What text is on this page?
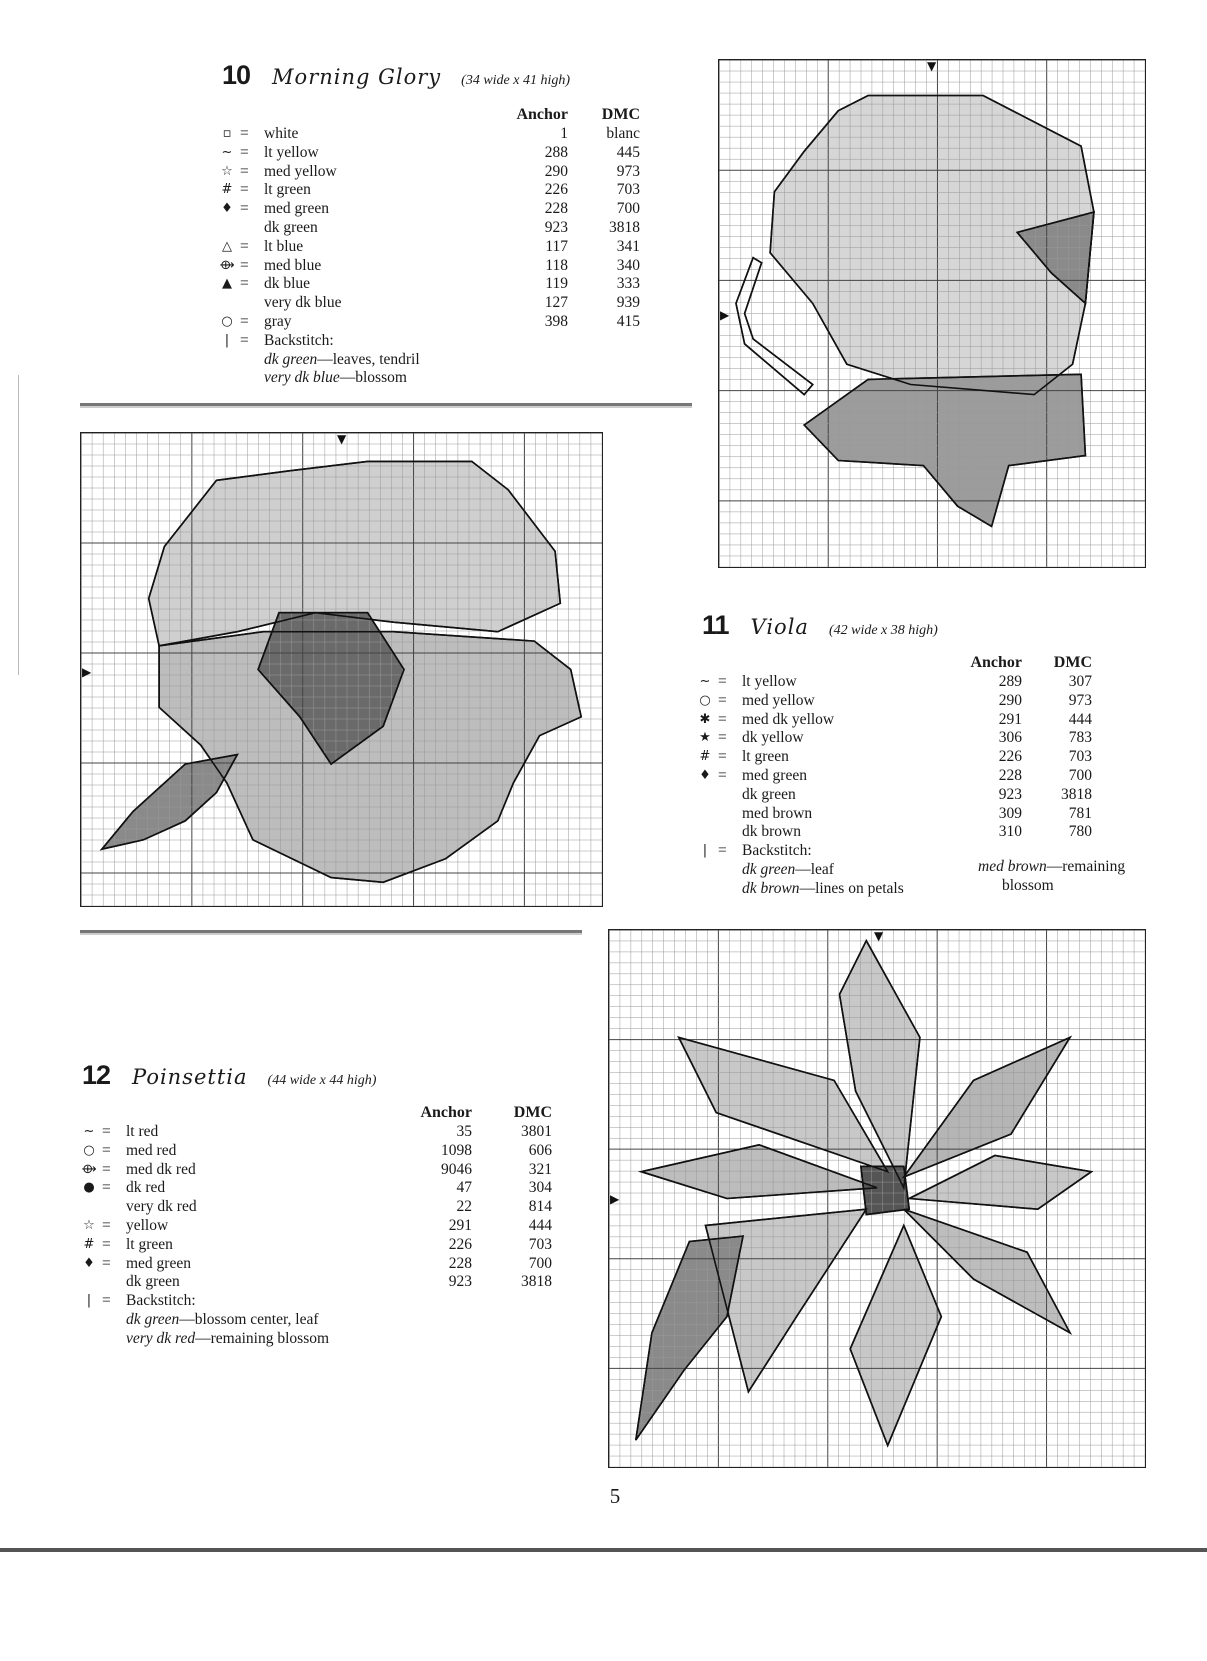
10 Morning Glory (34 wide x 41 high)
Anchor	DMC
▫ = white	1	blanc
~ = lt yellow	288	445
☆ = med yellow	290	973
# = lt green	226	703
♦ = med green	228	700
dk green	923	3818
△ = lt blue	117	341
⟴ = med blue	118	340
▲ = dk blue	119	333
very dk blue	127	939
○ = gray	398	415
| = Backstitch:
dk green—leaves, tendril
very dk blue—blossom
▼
▶
▼
▶
11 Viola (42 wide x 38 high)
Anchor	DMC
~ = lt yellow	289	307
○ = med yellow	290	973
✱ = med dk yellow	291	444
★ = dk yellow	306	783
# = lt green	226	703
♦ = med green	228	700
dk green	923	3818
med brown	309	781
dk brown	310	780
| = Backstitch:
dk green—leaf
dk brown—lines on petals
med brown—remaining
blossom
12 Poinsettia (44 wide x 44 high)
Anchor	DMC
~ = lt red	35	3801
○ = med red	1098	606
⟴ = med dk red	9046	321
● = dk red	47	304
very dk red	22	814
☆ = yellow	291	444
# = lt green	226	703
♦ = med green	228	700
dk green	923	3818
| = Backstitch:
dk green—blossom center, leaf
very dk red—remaining blossom
▼
▶
5
